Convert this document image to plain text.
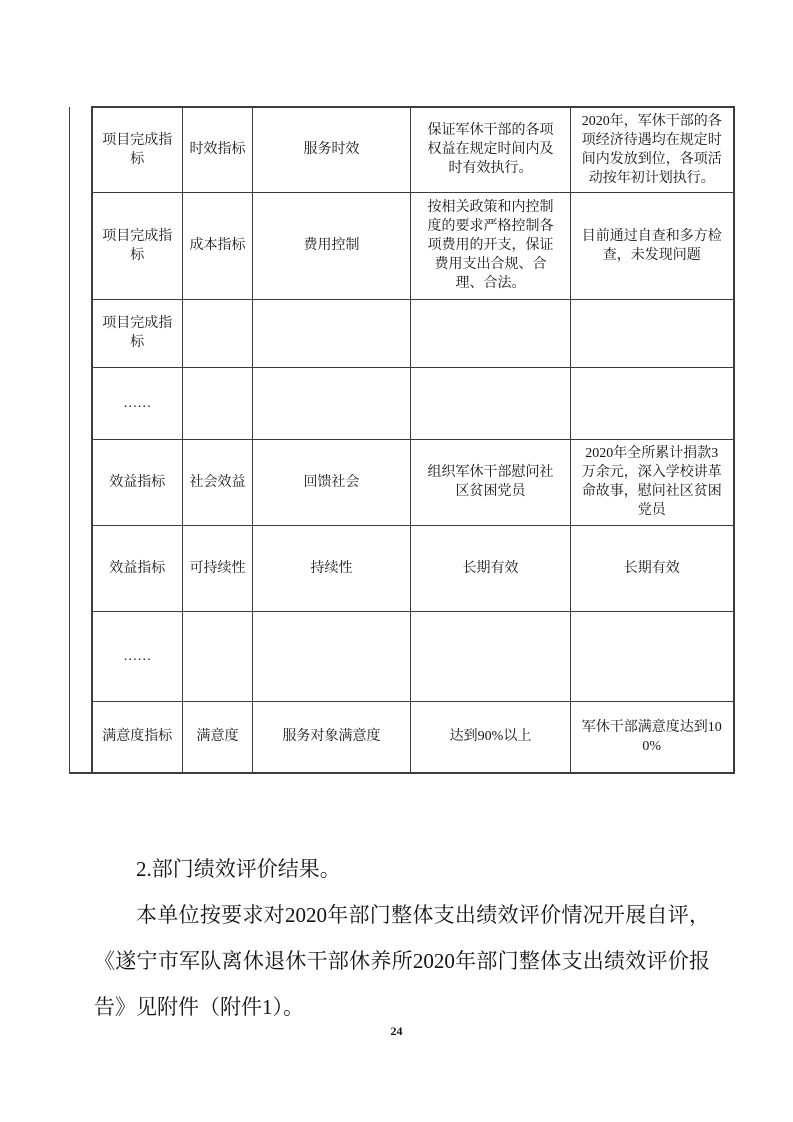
	项目完成指标	时效指标	服务时效	保证军休干部的各项权益在规定时间内及时有效执行。	2020年，军休干部的各项经济待遇均在规定时间内发放到位，各项活动按年初计划执行。
	项目完成指标	成本指标	费用控制	按相关政策和内控制度的要求严格控制各项费用的开支，保证费用支出合规、合理、合法。	目前通过自查和多方检查，未发现问题
	项目完成指标				
	……				
	效益指标	社会效益	回馈社会	组织军休干部慰问社区贫困党员	2020年全所累计捐款3万余元，深入学校讲革命故事，慰问社区贫困党员
	效益指标	可持续性	持续性	长期有效	长期有效
	……				
	满意度指标	满意度	服务对象满意度	达到90%以上	军休干部满意度达到100%

2.部门绩效评价结果。

本单位按要求对2020年部门整体支出绩效评价情况开展自评，《遂宁市军队离休退休干部休养所2020年部门整体支出绩效评价报告》见附件（附件1）。

24
